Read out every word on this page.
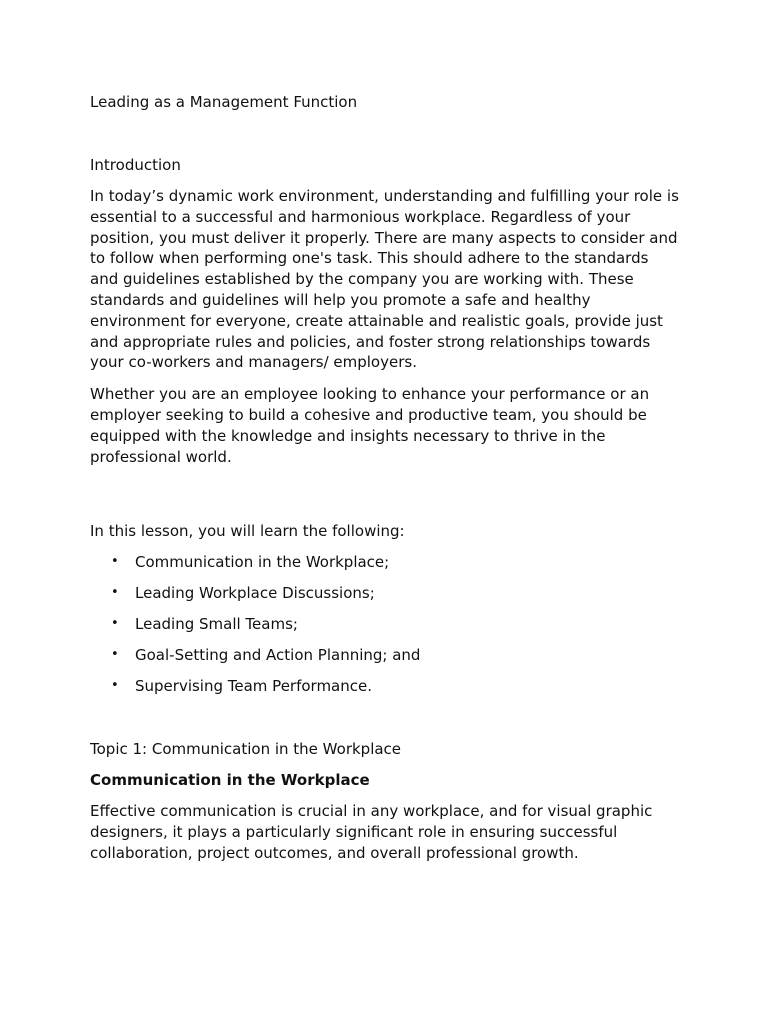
Leading as a Management Function

Introduction

In today’s dynamic work environment, understanding and fulfilling your role is essential to a successful and harmonious workplace. Regardless of your position, you must deliver it properly. There are many aspects to consider and to follow when performing one's task. This should adhere to the standards and guidelines established by the company you are working with. These standards and guidelines will help you promote a safe and healthy environment for everyone, create attainable and realistic goals, provide just and appropriate rules and policies, and foster strong relationships towards your co-workers and managers/ employers.

Whether you are an employee looking to enhance your performance or an employer seeking to build a cohesive and productive team, you should be equipped with the knowledge and insights necessary to thrive in the professional world.

In this lesson, you will learn the following:

• Communication in the Workplace;
• Leading Workplace Discussions;
• Leading Small Teams;
• Goal-Setting and Action Planning; and
• Supervising Team Performance.

Topic 1: Communication in the Workplace

Communication in the Workplace

Effective communication is crucial in any workplace, and for visual graphic designers, it plays a particularly significant role in ensuring successful collaboration, project outcomes, and overall professional growth.
